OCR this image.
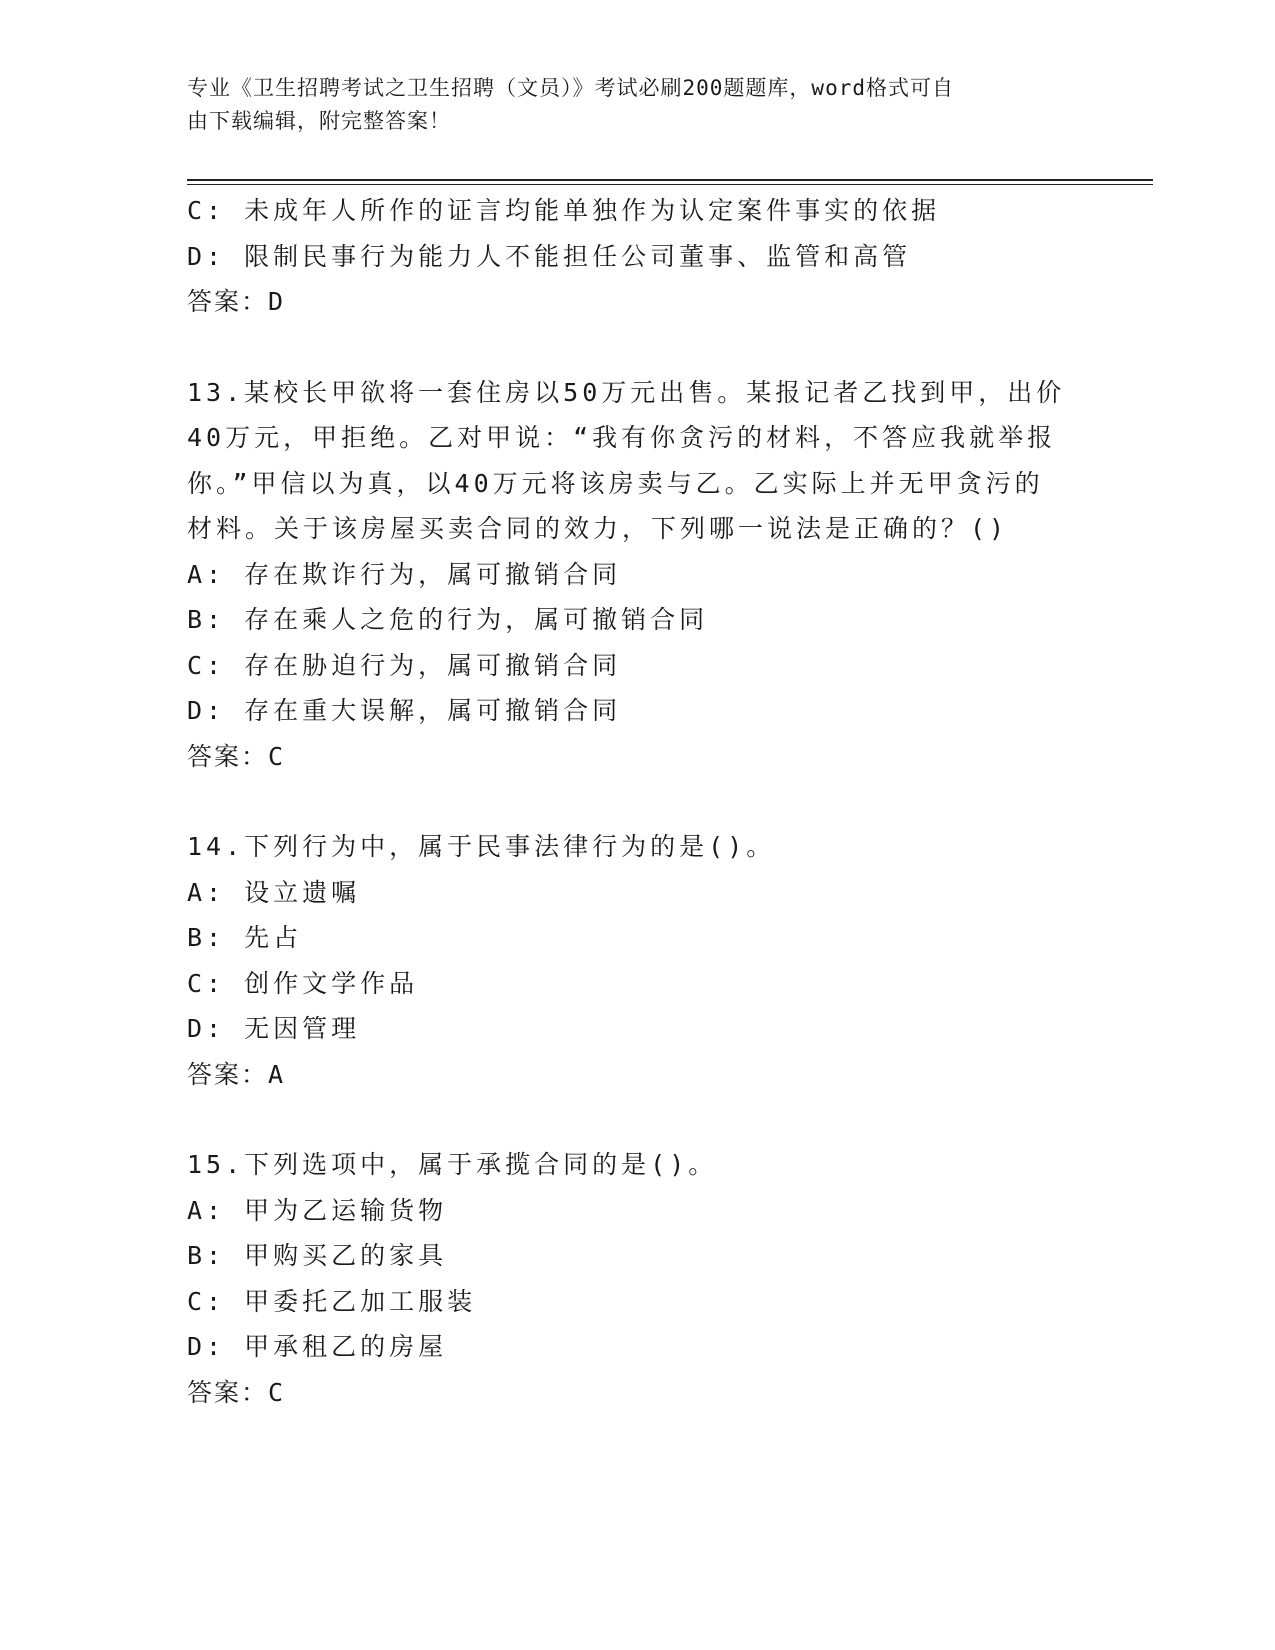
专业《卫生招聘考试之卫生招聘（文员）》考试必刷200题题库，word格式可自
由下载编辑，附完整答案！
C: 未成年人所作的证言均能单独作为认定案件事实的依据
D: 限制民事行为能力人不能担任公司董事、监管和高管
答案：D
13.某校长甲欲将一套住房以50万元出售。某报记者乙找到甲，出价
40万元，甲拒绝。乙对甲说：“我有你贪污的材料，不答应我就举报
你。”甲信以为真，以40万元将该房卖与乙。乙实际上并无甲贪污的
材料。关于该房屋买卖合同的效力，下列哪一说法是正确的？()
A: 存在欺诈行为，属可撤销合同
B: 存在乘人之危的行为，属可撤销合同
C: 存在胁迫行为，属可撤销合同
D: 存在重大误解，属可撤销合同
答案：C
14.下列行为中，属于民事法律行为的是()。
A: 设立遗嘱
B: 先占
C: 创作文学作品
D: 无因管理
答案：A
15.下列选项中，属于承揽合同的是()。
A: 甲为乙运输货物
B: 甲购买乙的家具
C: 甲委托乙加工服装
D: 甲承租乙的房屋
答案：C
